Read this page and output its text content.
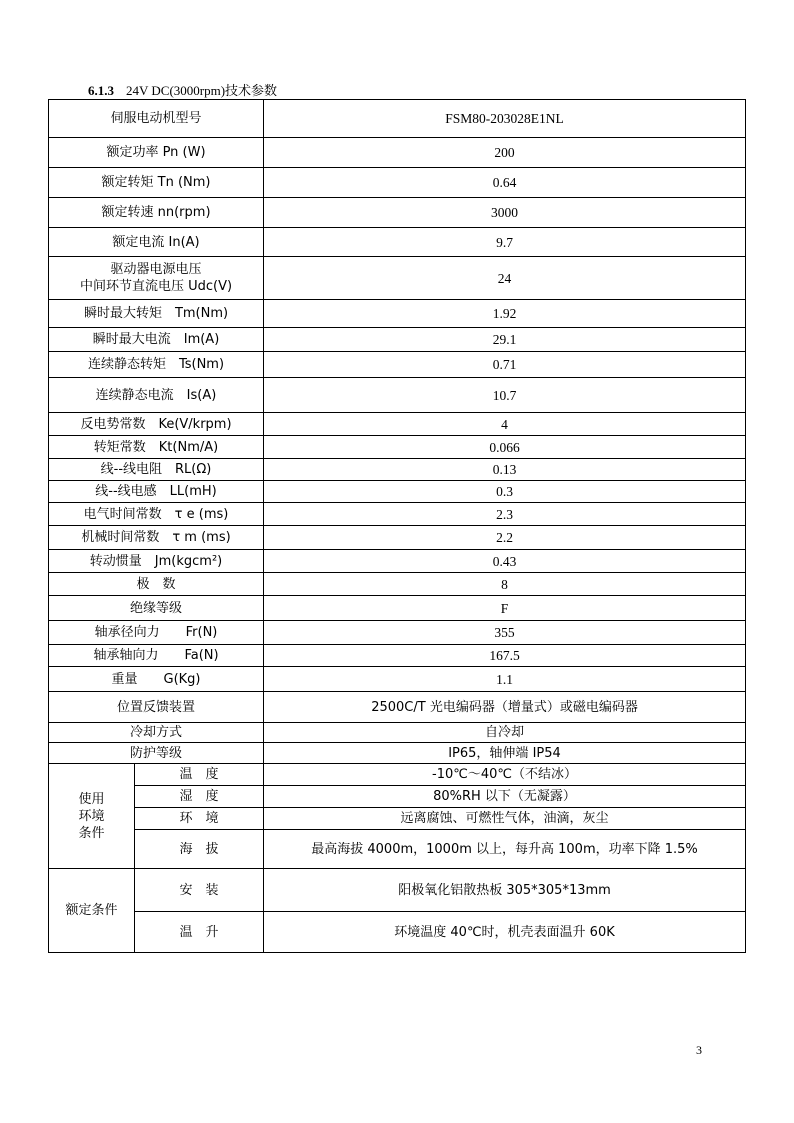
6.1.3 24V DC(3000rpm)技术参数
伺服电动机型号		FSM80-203028E1NL
额定功率 Pn (W)		200
额定转矩 Tn (Nm)		0.64
额定转速 nn(rpm)		3000
额定电流 In(A)		9.7

驱动器电源电压
中间环节直流电压 Udc(V)		24
瞬时最大转矩　Tm(Nm)		1.92
瞬时最大电流　Im(A)		29.1
连续静态转矩　Ts(Nm)		0.71
连续静态电流　Is(A)		10.7
反电势常数　Ke(V/krpm)		4
转矩常数　Kt(Nm/A)		0.066
线--线电阻　RL(Ω)		0.13
线--线电感　LL(mH)		0.3
电气时间常数　τ e (ms)		2.3
机械时间常数　τ m (ms)		2.2
转动惯量　Jm(kgcm²)		0.43
极　数		8
绝缘等级		F
轴承径向力　　Fr(N)		355
轴承轴向力　　Fa(N)		167.5
重量　　G(Kg)		1.1
位置反馈装置		2500C/T 光电编码器（增量式）或磁电编码器
冷却方式		自冷却
防护等级		IP65，轴伸端 IP54

使用
环境
条件	温　度	-10℃～40℃（不结冰）
	湿　度	80%RH 以下（无凝露）
	环　境	远离腐蚀、可燃性气体，油滴，灰尘
	海　拔	最高海拔 4000m，1000m 以上，每升高 100m，功率下降 1.5%
额定条件	安　装	阳极氧化铝散热板 305*305*13mm
	温　升	环境温度 40℃时，机壳表面温升 60K
3
